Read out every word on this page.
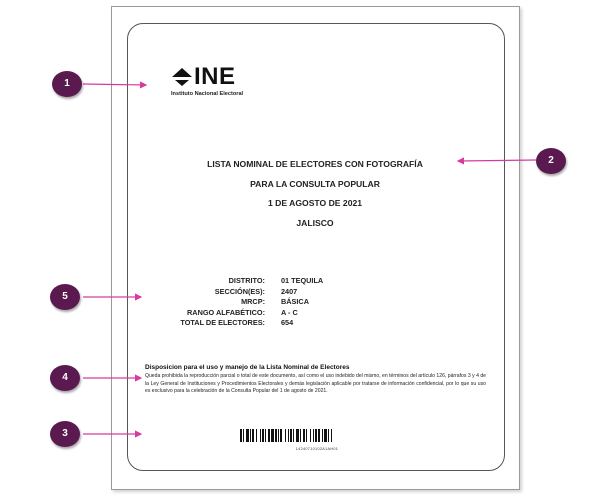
INE
Instituto Nacional Electoral
LISTA NOMINAL DE ELECTORES CON FOTOGRAFÍA
PARA LA CONSULTA POPULAR
1 DE AGOSTO DE 2021
JALISCO
DISTRITO: 01 TEQUILA
SECCIÓN(ES): 2407
MRCP: BÁSICA
RANGO ALFABÉTICO: A - C
TOTAL DE ELECTORES: 654
Disposicion para el uso y manejo de la Lista Nominal de Electores
Queda prohibida la reproducción parcial o total de este documento, así como el uso indebido del mismo, en términos del artículo 126, párrafos 3 y 4 de la Ley General de Instituciones y Procedimientos Electorales y demás legislación aplicable por tratarse de información confidencial, por lo que su uso es exclusivo para la celebración de la Consulta Popular del 1 de agosto de 2021.
14240710102A1AH01
1
2
5
4
3
